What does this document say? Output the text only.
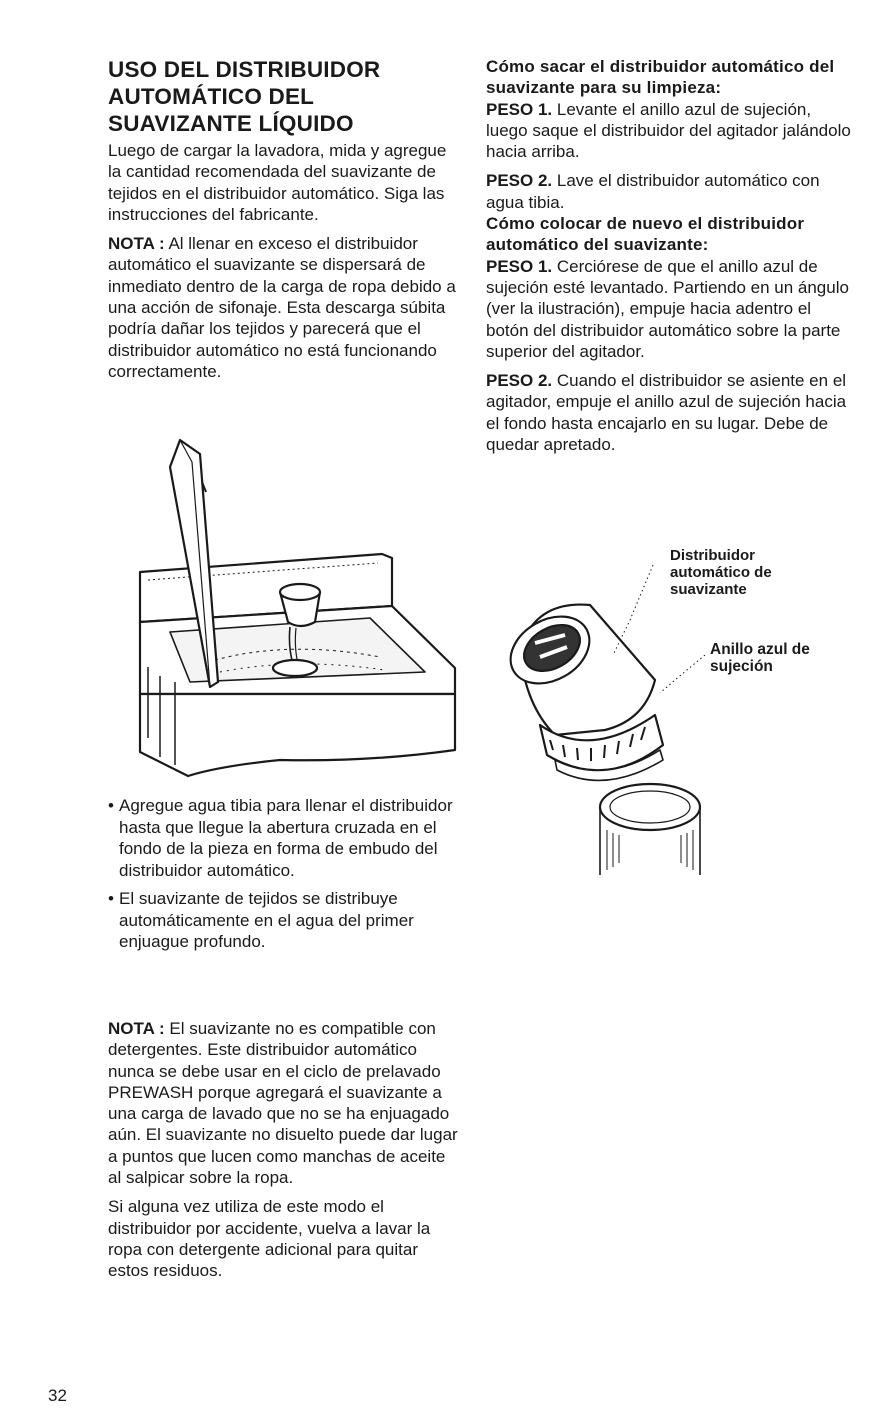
USO DEL DISTRIBUIDOR AUTOMÁTICO DEL SUAVIZANTE LÍQUIDO

Luego de cargar la lavadora, mida y agregue la cantidad recomendada del suavizante de tejidos en el distribuidor automático. Siga las instrucciones del fabricante.

NOTA : Al llenar en exceso el distribuidor automático el suavizante se dispersará de inmediato dentro de la carga de ropa debido a una acción de sifonaje. Esta descarga súbita podría dañar los tejidos y parecerá que el distribuidor automático no está funcionando correctamente.

• Agregue agua tibia para llenar el distribuidor hasta que llegue la abertura cruzada en el fondo de la pieza en forma de embudo del distribuidor automático.
• El suavizante de tejidos se distribuye automáticamente en el agua del primer enjuague profundo.

NOTA : El suavizante no es compatible con detergentes. Este distribuidor automático nunca se debe usar en el ciclo de prelavado PREWASH porque agregará el suavizante a una carga de lavado que no se ha enjuagado aún. El suavizante no disuelto puede dar lugar a puntos que lucen como manchas de aceite al salpicar sobre la ropa.

Si alguna vez utiliza de este modo el distribuidor por accidente, vuelva a lavar la ropa con detergente adicional para quitar estos residuos.

Cómo sacar el distribuidor automático del suavizante para su limpieza:

PESO 1. Levante el anillo azul de sujeción, luego saque el distribuidor del agitador jalándolo hacia arriba.

PESO 2. Lave el distribuidor automático con agua tibia.

Cómo colocar de nuevo el distribuidor automático del suavizante:

PESO 1. Cerciórese de que el anillo azul de sujeción esté levantado. Partiendo en un ángulo (ver la ilustración), empuje hacia adentro el botón del distribuidor automático sobre la parte superior del agitador.

PESO 2. Cuando el distribuidor se asiente en el agitador, empuje el anillo azul de sujeción hacia el fondo hasta encajarlo en su lugar. Debe de quedar apretado.

Distribuidor
automático de
suavizante
Anillo azul de
sujeción
32
